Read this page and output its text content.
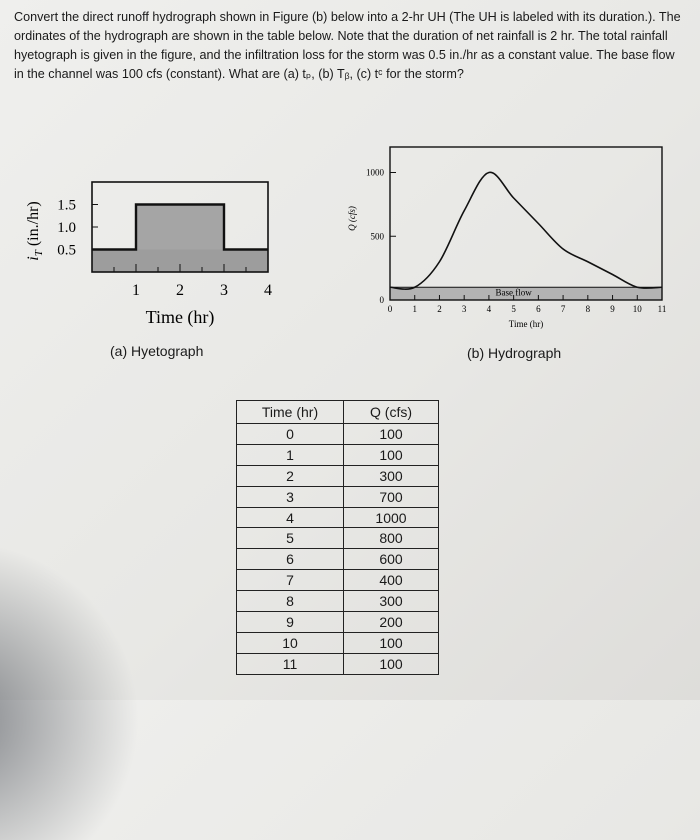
Convert the direct runoff hydrograph shown in Figure (b) below into a 2-hr UH (The UH is labeled with its duration.). The ordinates of the hydrograph are shown in the table below. Note that the duration of net rainfall is 2 hr. The total rainfall hyetograph is given in the figure, and the infiltration loss for the storm was 0.5 in./hr as a constant value. The base flow in the channel was 100 cfs (constant). What are (a) tₚ, (b) Tᵦ, (c) tᶜ for the storm?

0.5
1.0
1.5
1 2 3 4
Time (hr)
$i_T$ (in./hr)
(a) Hyetograph
0
500
1000
0 1 2 3 4 5 6 7 8 9 10 11
Base flow
Time (hr)
Q (cfs)
(b) Hydrograph
Time (hr)	Q (cfs)
0	100
1	100
2	300
3	700
4	1000
5	800
6	600
7	400
8	300
9	200
10	100
11	100
